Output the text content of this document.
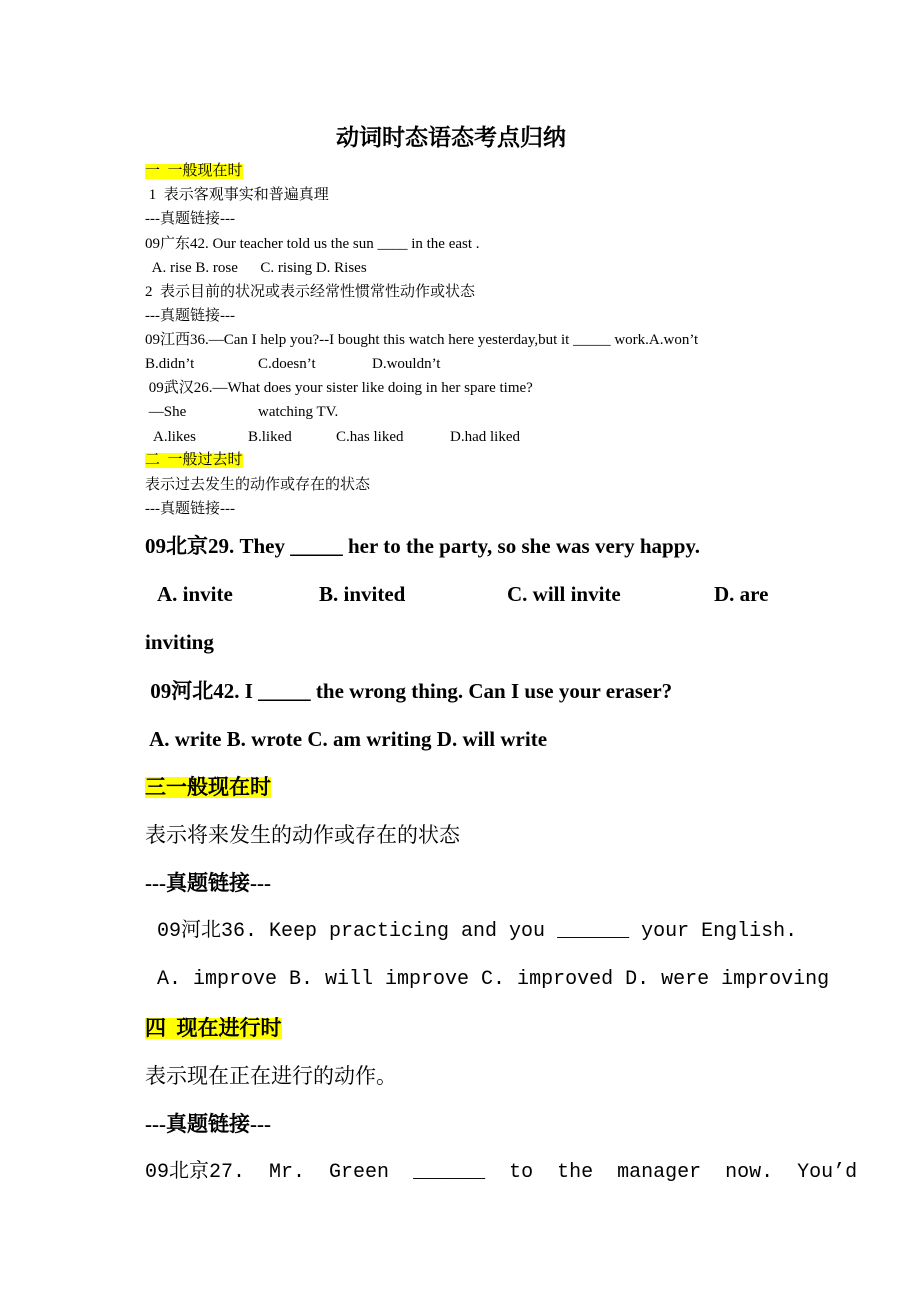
动词时态语态考点归纳
一  一般现在时
1  表示客观事实和普遍真理
---真题链接---
09广东42. Our teacher told us the sun ____ in the east .
A. rise B. rose      C. rising D. Rises
2  表示目前的状况或表示经常性惯常性动作或状态
---真题链接---
09江西36.—Can I help you?--I bought this watch here yesterday,but it _____ work.A.won’t
B.didn’t	C.doesn’t	D.wouldn’t
09武汉26.—What does your sister like doing in her spare time?
—She	watching TV.
A.likes	B.liked	C.has liked	D.had liked
二  一般过去时
表示过去发生的动作或存在的状态
---真题链接---
09北京29. They _____ her to the party, so she was very happy.
A. invite	B. invited	C. will invite	D. are
inviting
09河北42. I _____ the wrong thing. Can I use your eraser?
A. write B. wrote C. am writing D. will write
三一般现在时
表示将来发生的动作或存在的状态
---真题链接---
09河北36. Keep practicing and you ______ your English.
A. improve B. will improve C. improved D. were improving
四  现在进行时
表示现在正在进行的动作。
---真题链接---
09北京27.  Mr.  Green ______ to  the  manager  now.  You’d
